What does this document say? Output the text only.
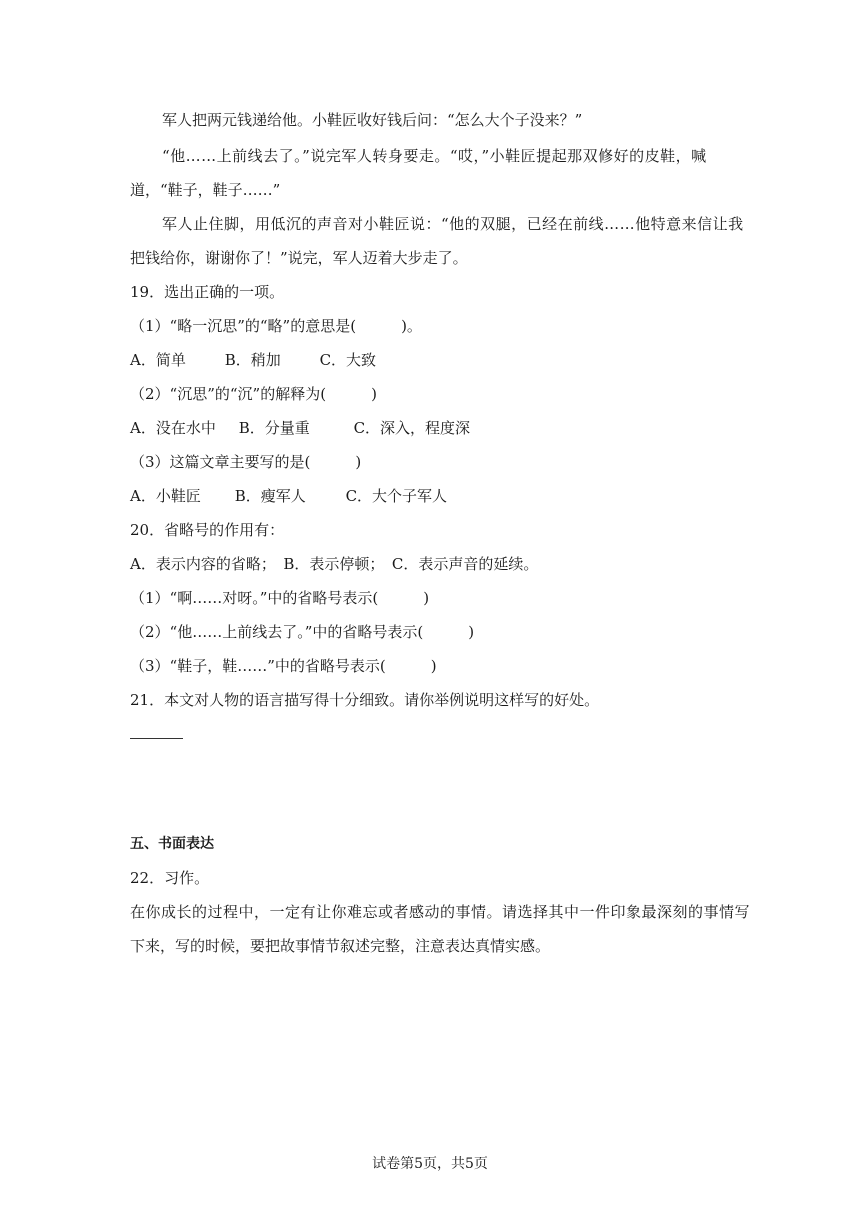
军人把两元钱递给他。小鞋匠收好钱后问：“怎么大个子没来？”
“他……上前线去了。”说完军人转身要走。“哎，”小鞋匠提起那双修好的皮鞋，喊
道，“鞋子，鞋子……”
军人止住脚，用低沉的声音对小鞋匠说：“他的双腿，已经在前线……他特意来信让我
把钱给你，谢谢你了！”说完，军人迈着大步走了。
19．选出正确的一项。
（1）“略一沉思”的“略”的意思是(　　　)。
A．简单	B．稍加	C．大致
（2）“沉思”的“沉”的解释为(　　　)
A．没在水中 B．分量重	C．深入，程度深
（3）这篇文章主要写的是(　　　)
A．小鞋匠 B．瘦军人	C．大个子军人
20．省略号的作用有：
A．表示内容的省略；　B．表示停顿；　C．表示声音的延续。
（1）“啊……对呀。”中的省略号表示(　　　)
（2）“他……上前线去了。”中的省略号表示(　　　)
（3）“鞋子，鞋……”中的省略号表示(　　　)
21．本文对人物的语言描写得十分细致。请你举例说明这样写的好处。
五、书面表达
22．习作。
在你成长的过程中，一定有让你难忘或者感动的事情。请选择其中一件印象最深刻的事情写
下来，写的时候，要把故事情节叙述完整，注意表达真情实感。
试卷第5页，共5页
